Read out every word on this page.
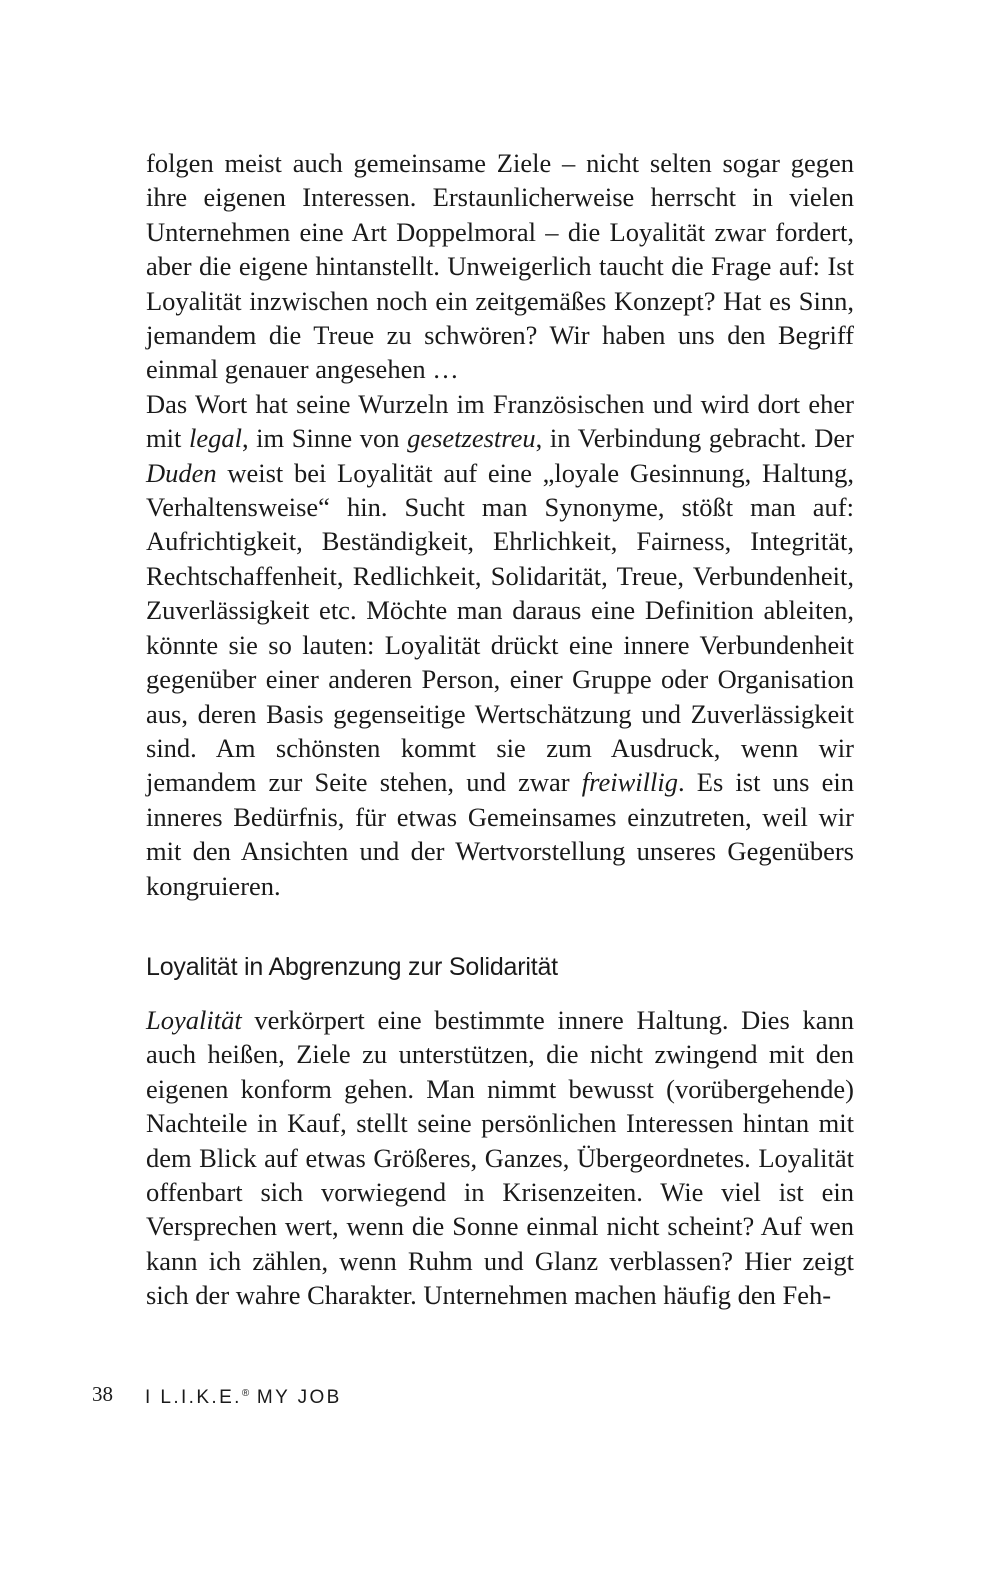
folgen meist auch gemeinsame Ziele – nicht selten sogar gegen ihre eigenen Interessen. Erstaunlicherweise herrscht in vielen Unternehmen eine Art Doppelmoral – die Loyalität zwar fordert, aber die eigene hintanstellt. Unweigerlich taucht die Frage auf: Ist Loyalität inzwischen noch ein zeitgemäßes Konzept? Hat es Sinn, jemandem die Treue zu schwören? Wir haben uns den Begriff einmal genauer angesehen …

Das Wort hat seine Wurzeln im Französischen und wird dort eher mit legal, im Sinne von gesetzestreu, in Verbindung gebracht. Der Duden weist bei Loyalität auf eine „loyale Gesinnung, Haltung, Verhaltensweise“ hin. Sucht man Synonyme, stößt man auf: Aufrichtigkeit, Beständigkeit, Ehrlichkeit, Fairness, Integrität, Rechtschaffenheit, Redlichkeit, Solidarität, Treue, Verbundenheit, Zuverlässigkeit etc. Möchte man daraus eine Definition ableiten, könnte sie so lauten: Loyalität drückt eine innere Verbundenheit gegenüber einer anderen Person, einer Gruppe oder Organisation aus, deren Basis gegenseitige Wertschätzung und Zuverlässigkeit sind. Am schönsten kommt sie zum Ausdruck, wenn wir jemandem zur Seite stehen, und zwar freiwillig. Es ist uns ein inneres Bedürfnis, für etwas Gemeinsames einzutreten, weil wir mit den Ansichten und der Wertvorstellung unseres Gegenübers kongruieren.

Loyalität in Abgrenzung zur Solidarität

Loyalität verkörpert eine bestimmte innere Haltung. Dies kann auch heißen, Ziele zu unterstützen, die nicht zwingend mit den eigenen konform gehen. Man nimmt bewusst (vorübergehende) Nachteile in Kauf, stellt seine persönlichen Interessen hintan mit dem Blick auf etwas Größeres, Ganzes, Übergeordnetes. Loyalität offenbart sich vorwiegend in Krisenzeiten. Wie viel ist ein Versprechen wert, wenn die Sonne einmal nicht scheint? Auf wen kann ich zählen, wenn Ruhm und Glanz verblassen? Hier zeigt sich der wahre Charakter. Unternehmen machen häufig den Feh-

38 I L.I.K.E.® MY JOB
